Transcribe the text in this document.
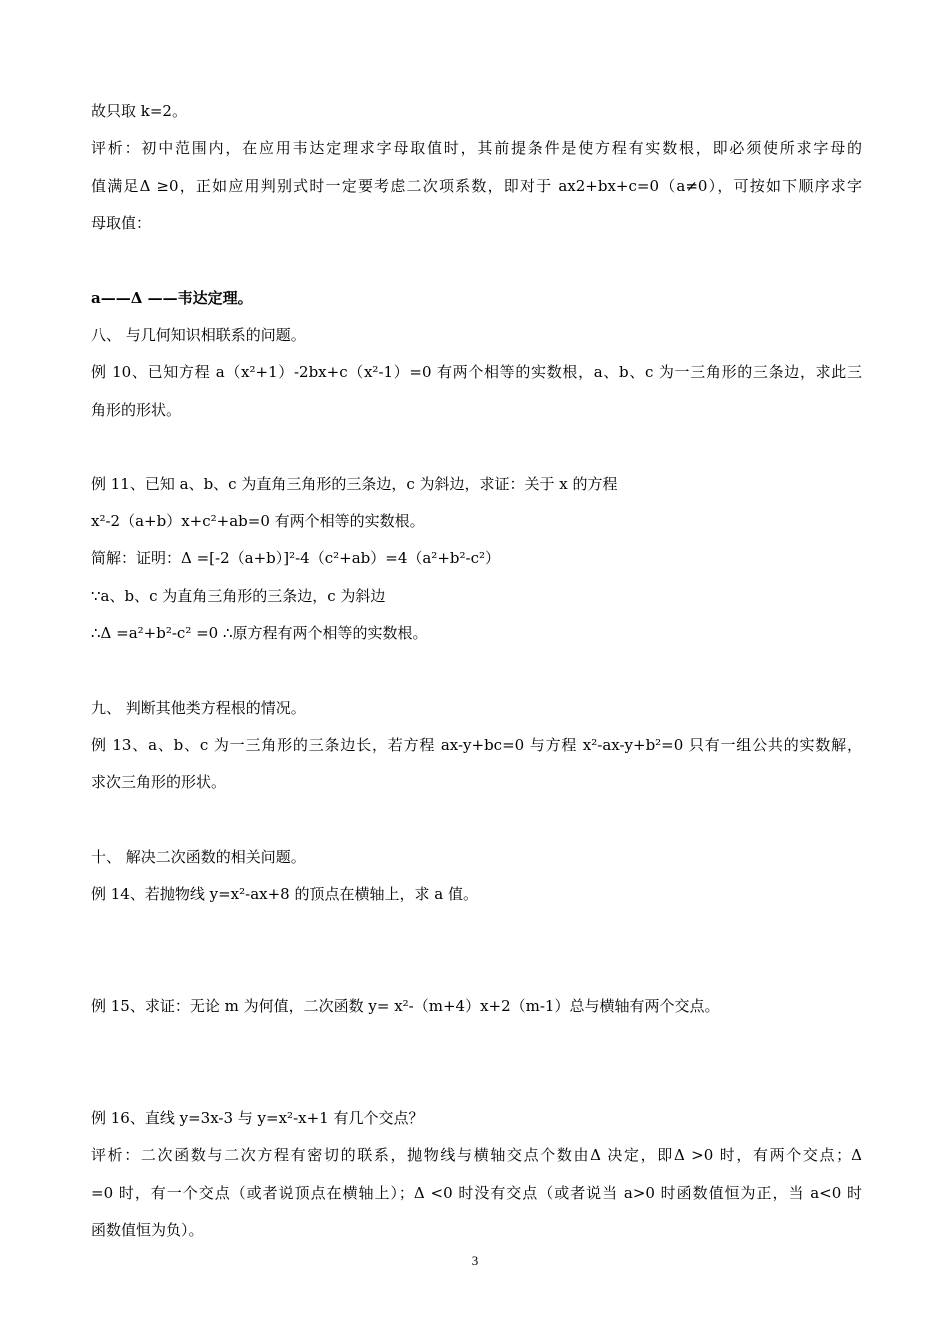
故只取 k=2。
评析：初中范围内，在应用韦达定理求字母取值时，其前提条件是使方程有实数根，即必须使所求字母的
值满足Δ ≥0，正如应用判别式时一定要考虑二次项系数，即对于 ax2+bx+c=0（a≠0），可按如下顺序求字
母取值：
a——Δ ——韦达定理。
八、 与几何知识相联系的问题。
例 10、已知方程 a（x²+1）-2bx+c（x²-1）=0 有两个相等的实数根，a、b、c 为一三角形的三条边，求此三
角形的形状。
例 11、已知 a、b、c 为直角三角形的三条边，c 为斜边，求证：关于 x 的方程
x²-2（a+b）x+c²+ab=0 有两个相等的实数根。
简解：证明：Δ =[-2（a+b）]²-4（c²+ab）=4（a²+b²-c²）
∵a、b、c 为直角三角形的三条边，c 为斜边
∴Δ =a²+b²-c² =0 ∴原方程有两个相等的实数根。
九、 判断其他类方程根的情况。
例 13、a、b、c 为一三角形的三条边长，若方程 ax-y+bc=0 与方程 x²-ax-y+b²=0 只有一组公共的实数解，
求次三角形的形状。
十、 解决二次函数的相关问题。
例 14、若抛物线 y=x²-ax+8 的顶点在横轴上，求 a 值。
例 15、求证：无论 m 为何值，二次函数 y= x²-（m+4）x+2（m-1）总与横轴有两个交点。
例 16、直线 y=3x-3 与 y=x²-x+1 有几个交点？
评析：二次函数与二次方程有密切的联系，抛物线与横轴交点个数由Δ 决定，即Δ >0 时，有两个交点；Δ
=0 时，有一个交点（或者说顶点在横轴上）；Δ <0 时没有交点（或者说当 a>0 时函数值恒为正，当 a<0 时
函数值恒为负）。
3
